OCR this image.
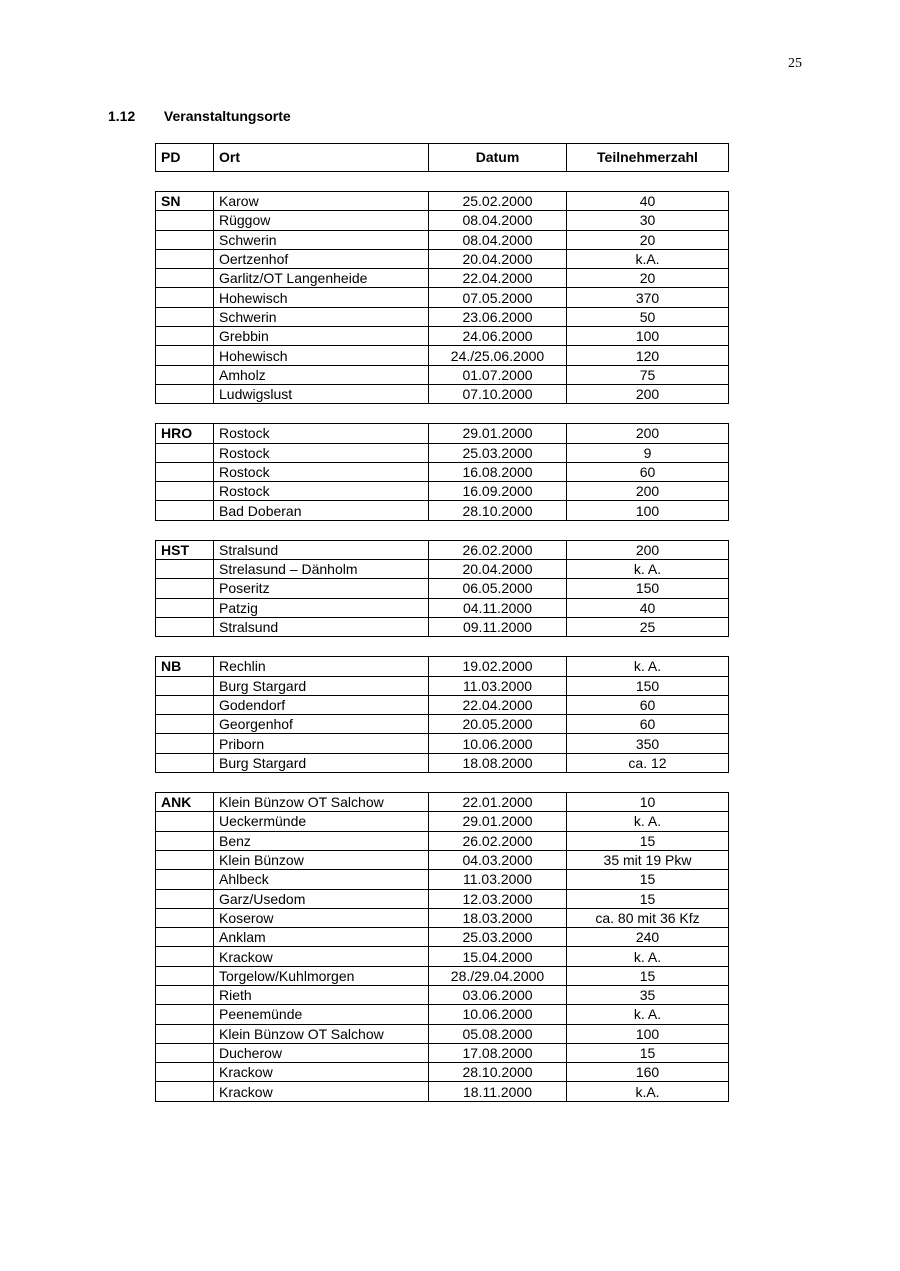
25
1.12 Veranstaltungsorte
PD	Ort	Datum	Teilnehmerzahl
SN	Karow	25.02.2000	40
	Rüggow	08.04.2000	30
	Schwerin	08.04.2000	20
	Oertzenhof	20.04.2000	k.A.
	Garlitz/OT Langenheide	22.04.2000	20
	Hohewisch	07.05.2000	370
	Schwerin	23.06.2000	50
	Grebbin	24.06.2000	100
	Hohewisch	24./25.06.2000	120
	Amholz	01.07.2000	75
	Ludwigslust	07.10.2000	200
HRO	Rostock	29.01.2000	200
	Rostock	25.03.2000	9
	Rostock	16.08.2000	60
	Rostock	16.09.2000	200
	Bad Doberan	28.10.2000	100
HST	Stralsund	26.02.2000	200
	Strelasund – Dänholm	20.04.2000	k. A.
	Poseritz	06.05.2000	150
	Patzig	04.11.2000	40
	Stralsund	09.11.2000	25
NB	Rechlin	19.02.2000	k. A.
	Burg Stargard	11.03.2000	150
	Godendorf	22.04.2000	60
	Georgenhof	20.05.2000	60
	Priborn	10.06.2000	350
	Burg Stargard	18.08.2000	ca. 12
ANK	Klein Bünzow OT Salchow	22.01.2000	10
	Ueckermünde	29.01.2000	k. A.
	Benz	26.02.2000	15
	Klein Bünzow	04.03.2000	35 mit 19 Pkw
	Ahlbeck	11.03.2000	15
	Garz/Usedom	12.03.2000	15
	Koserow	18.03.2000	ca. 80 mit 36 Kfz
	Anklam	25.03.2000	240
	Krackow	15.04.2000	k. A.
	Torgelow/Kuhlmorgen	28./29.04.2000	15
	Rieth	03.06.2000	35
	Peenemünde	10.06.2000	k. A.
	Klein Bünzow OT Salchow	05.08.2000	100
	Ducherow	17.08.2000	15
	Krackow	28.10.2000	160
	Krackow	18.11.2000	k.A.
